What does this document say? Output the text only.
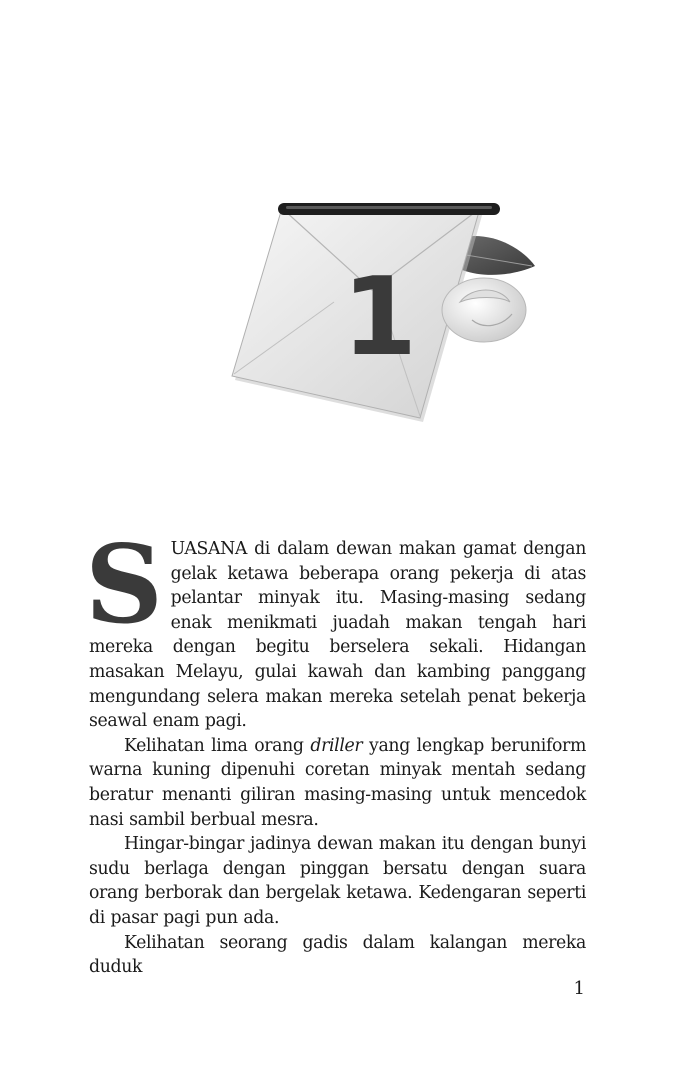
1

SUASANA di dalam dewan makan gamat dengan gelak ketawa beberapa orang pekerja di atas pelantar minyak itu. Masing-masing sedang enak menikmati juadah makan tengah hari mereka dengan begitu berselera sekali. Hidangan masakan Melayu, gulai kawah dan kambing panggang mengundang selera makan mereka setelah penat bekerja seawal enam pagi.

Kelihatan lima orang driller yang lengkap beruniform warna kuning dipenuhi coretan minyak mentah sedang beratur menanti giliran masing-masing untuk mencedok nasi sambil berbual mesra.

Hingar-bingar jadinya dewan makan itu dengan bunyi sudu berlaga dengan pinggan bersatu dengan suara orang berborak dan bergelak ketawa. Kedengaran seperti di pasar pagi pun ada.

Kelihatan seorang gadis dalam kalangan mereka duduk

1
